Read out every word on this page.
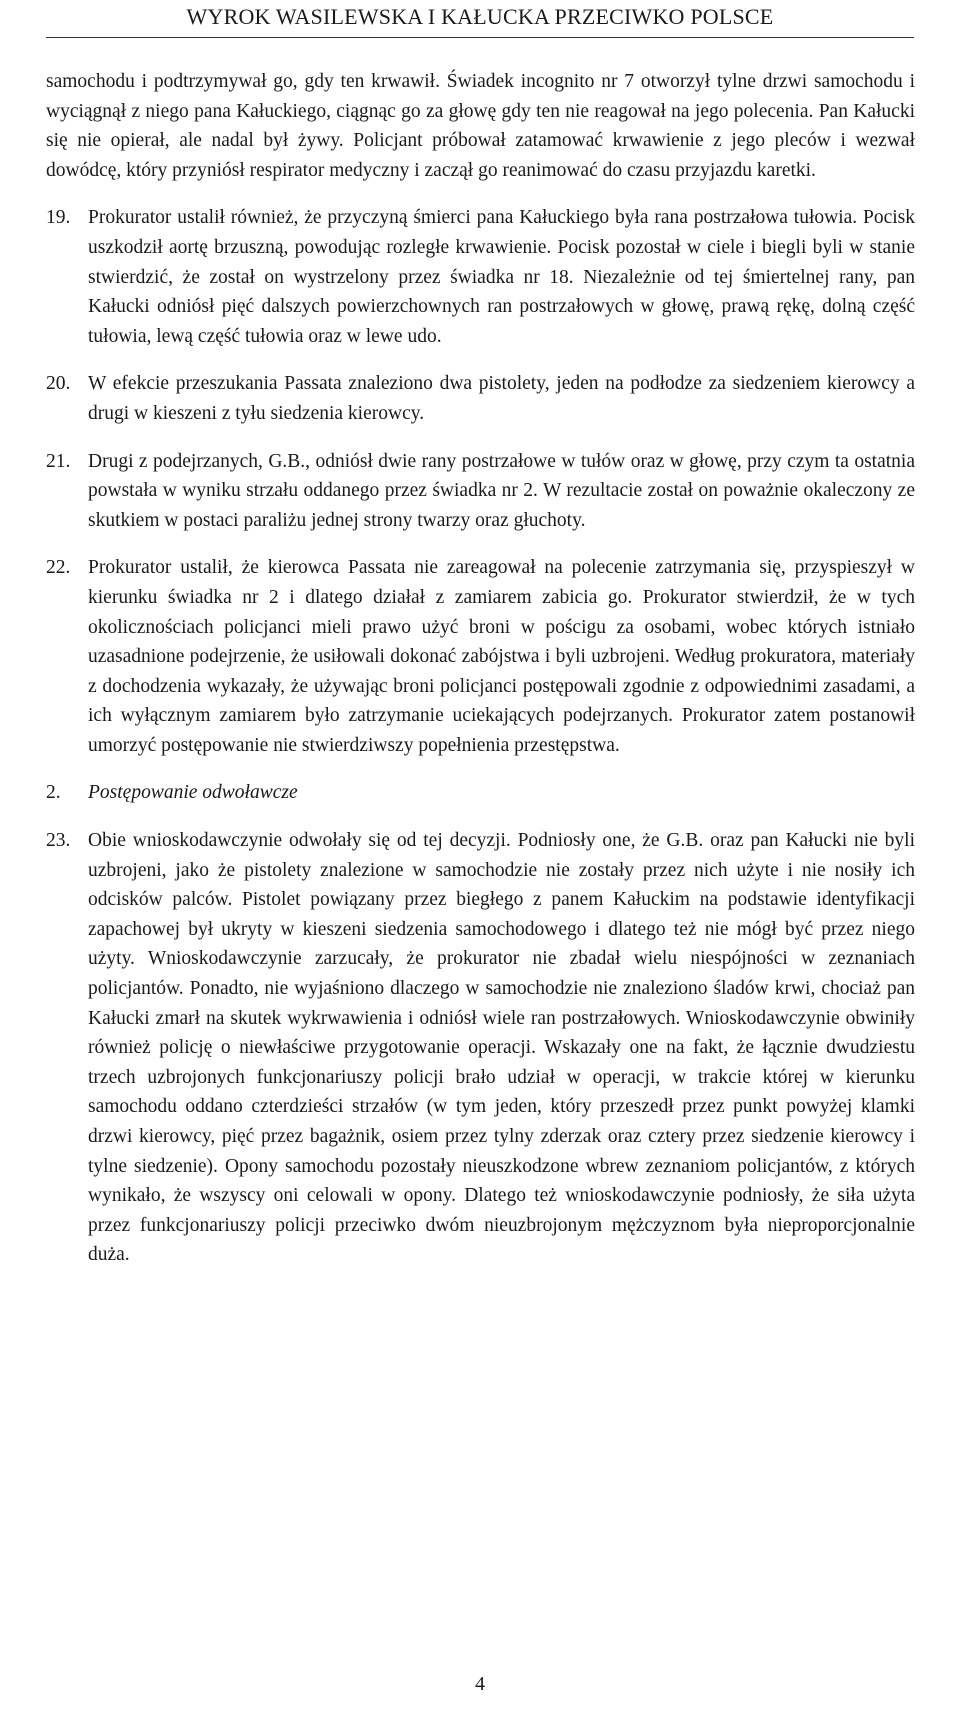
WYROK WASILEWSKA I KAŁUCKA PRZECIWKO POLSCE

samochodu i podtrzymywał go, gdy ten krwawił. Świadek incognito nr 7 otworzył tylne drzwi samochodu i wyciągnął z niego pana Kałuckiego, ciągnąc go za głowę gdy ten nie reagował na jego polecenia. Pan Kałucki się nie opierał, ale nadal był żywy. Policjant próbował zatamować krwawienie z jego pleców i wezwał dowódcę, który przyniósł respirator medyczny i zaczął go reanimować do czasu przyjazdu karetki.

19. Prokurator ustalił również, że przyczyną śmierci pana Kałuckiego była rana postrzałowa tułowia. Pocisk uszkodził aortę brzuszną, powodując rozległe krwawienie. Pocisk pozostał w ciele i biegli byli w stanie stwierdzić, że został on wystrzelony przez świadka nr 18. Niezależnie od tej śmiertelnej rany, pan Kałucki odniósł pięć dalszych powierzchownych ran postrzałowych w głowę, prawą rękę, dolną część tułowia, lewą część tułowia oraz w lewe udo.
20. W efekcie przeszukania Passata znaleziono dwa pistolety, jeden na podłodze za siedzeniem kierowcy a drugi w kieszeni z tyłu siedzenia kierowcy.
21. Drugi z podejrzanych, G.B., odniósł dwie rany postrzałowe w tułów oraz w głowę, przy czym ta ostatnia powstała w wyniku strzału oddanego przez świadka nr 2. W rezultacie został on poważnie okaleczony ze skutkiem w postaci paraliżu jednej strony twarzy oraz głuchoty.
22. Prokurator ustalił, że kierowca Passata nie zareagował na polecenie zatrzymania się, przyspieszył w kierunku świadka nr 2 i dlatego działał z zamiarem zabicia go. Prokurator stwierdził, że w tych okolicznościach policjanci mieli prawo użyć broni w pościgu za osobami, wobec których istniało uzasadnione podejrzenie, że usiłowali dokonać zabójstwa i byli uzbrojeni. Według prokuratora, materiały z dochodzenia wykazały, że używając broni policjanci postępowali zgodnie z odpowiednimi zasadami, a ich wyłącznym zamiarem było zatrzymanie uciekających podejrzanych. Prokurator zatem postanowił umorzyć postępowanie nie stwierdziwszy popełnienia przestępstwa.
2.	Postępowanie odwoławcze
23. Obie wnioskodawczynie odwołały się od tej decyzji. Podniosły one, że G.B. oraz pan Kałucki nie byli uzbrojeni, jako że pistolety znalezione w samochodzie nie zostały przez nich użyte i nie nosiły ich odcisków palców. Pistolet powiązany przez biegłego z panem Kałuckim na podstawie identyfikacji zapachowej był ukryty w kieszeni siedzenia samochodowego i dlatego też nie mógł być przez niego użyty. Wnioskodawczynie zarzucały, że prokurator nie zbadał wielu niespójności w zeznaniach policjantów. Ponadto, nie wyjaśniono dlaczego w samochodzie nie znaleziono śladów krwi, chociaż pan Kałucki zmarł na skutek wykrwawienia i odniósł wiele ran postrzałowych. Wnioskodawczynie obwiniły również policję o niewłaściwe przygotowanie operacji. Wskazały one na fakt, że łącznie dwudziestu trzech uzbrojonych funkcjonariuszy policji brało udział w operacji, w trakcie której w kierunku samochodu oddano czterdzieści strzałów (w tym jeden, który przeszedł przez punkt powyżej klamki drzwi kierowcy, pięć przez bagażnik, osiem przez tylny zderzak oraz cztery przez siedzenie kierowcy i tylne siedzenie). Opony samochodu pozostały nieuszkodzone wbrew zeznaniom policjantów, z których wynikało, że wszyscy oni celowali w opony. Dlatego też wnioskodawczynie podniosły, że siła użyta przez funkcjonariuszy policji przeciwko dwóm nieuzbrojonym mężczyznom była nieproporcjonalnie duża.
4
